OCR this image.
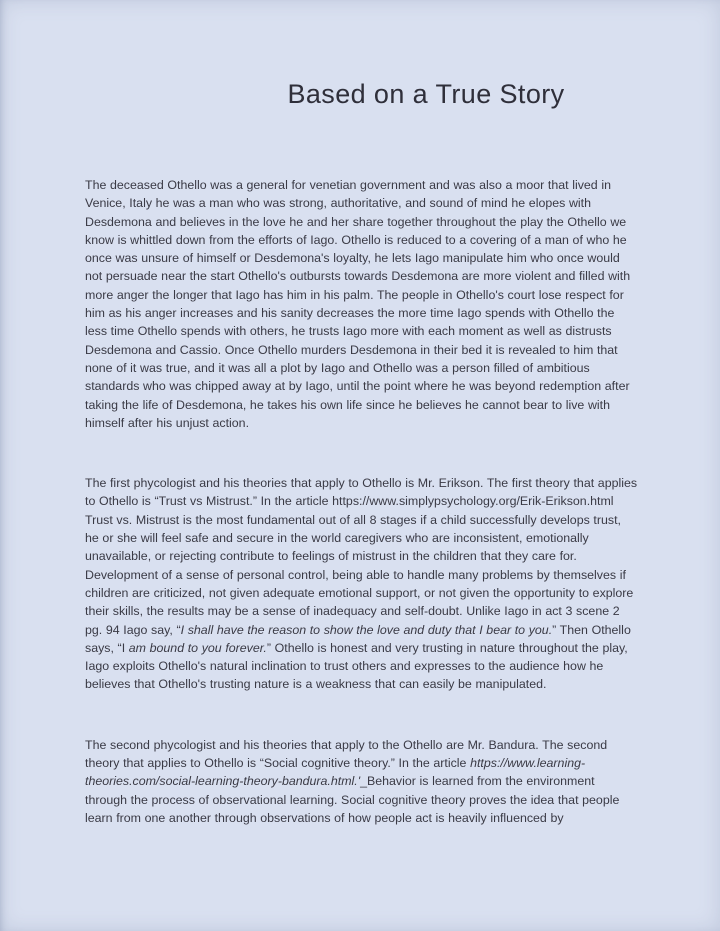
Based on a True Story

The deceased Othello was a general for venetian government and was also a moor that lived in Venice, Italy he was a man who was strong, authoritative, and sound of mind he elopes with Desdemona and believes in the love he and her share together throughout the play the Othello we know is whittled down from the efforts of Iago. Othello is reduced to a covering of a man of who he once was unsure of himself or Desdemona's loyalty, he lets Iago manipulate him who once would not persuade near the start Othello's outbursts towards Desdemona are more violent and filled with more anger the longer that Iago has him in his palm. The people in Othello's court lose respect for him as his anger increases and his sanity decreases the more time Iago spends with Othello the less time Othello spends with others, he trusts Iago more with each moment as well as distrusts Desdemona and Cassio. Once Othello murders Desdemona in their bed it is revealed to him that none of it was true, and it was all a plot by Iago and Othello was a person filled of ambitious standards who was chipped away at by Iago, until the point where he was beyond redemption after taking the life of Desdemona, he takes his own life since he believes he cannot bear to live with himself after his unjust action.

The first phycologist and his theories that apply to Othello is Mr. Erikson. The first theory that applies to Othello is “Trust vs Mistrust.” In the article https://www.simplypsychology.org/Erik-Erikson.html Trust vs. Mistrust is the most fundamental out of all 8 stages if a child successfully develops trust, he or she will feel safe and secure in the world caregivers who are inconsistent, emotionally unavailable, or rejecting contribute to feelings of mistrust in the children that they care for. Development of a sense of personal control, being able to handle many problems by themselves if children are criticized, not given adequate emotional support, or not given the opportunity to explore their skills, the results may be a sense of inadequacy and self-doubt. Unlike Iago in act 3 scene 2 pg. 94 Iago say, “I shall have the reason to show the love and duty that I bear to you.” Then Othello says, “I am bound to you forever.” Othello is honest and very trusting in nature throughout the play, Iago exploits Othello's natural inclination to trust others and expresses to the audience how he believes that Othello's trusting nature is a weakness that can easily be manipulated.

The second phycologist and his theories that apply to the Othello are Mr. Bandura. The second theory that applies to Othello is “Social cognitive theory.” In the article https://www.learning-theories.com/social-learning-theory-bandura.html.'_Behavior is learned from the environment through the process of observational learning. Social cognitive theory proves the idea that people learn from one another through observations of how people act is heavily influenced by
